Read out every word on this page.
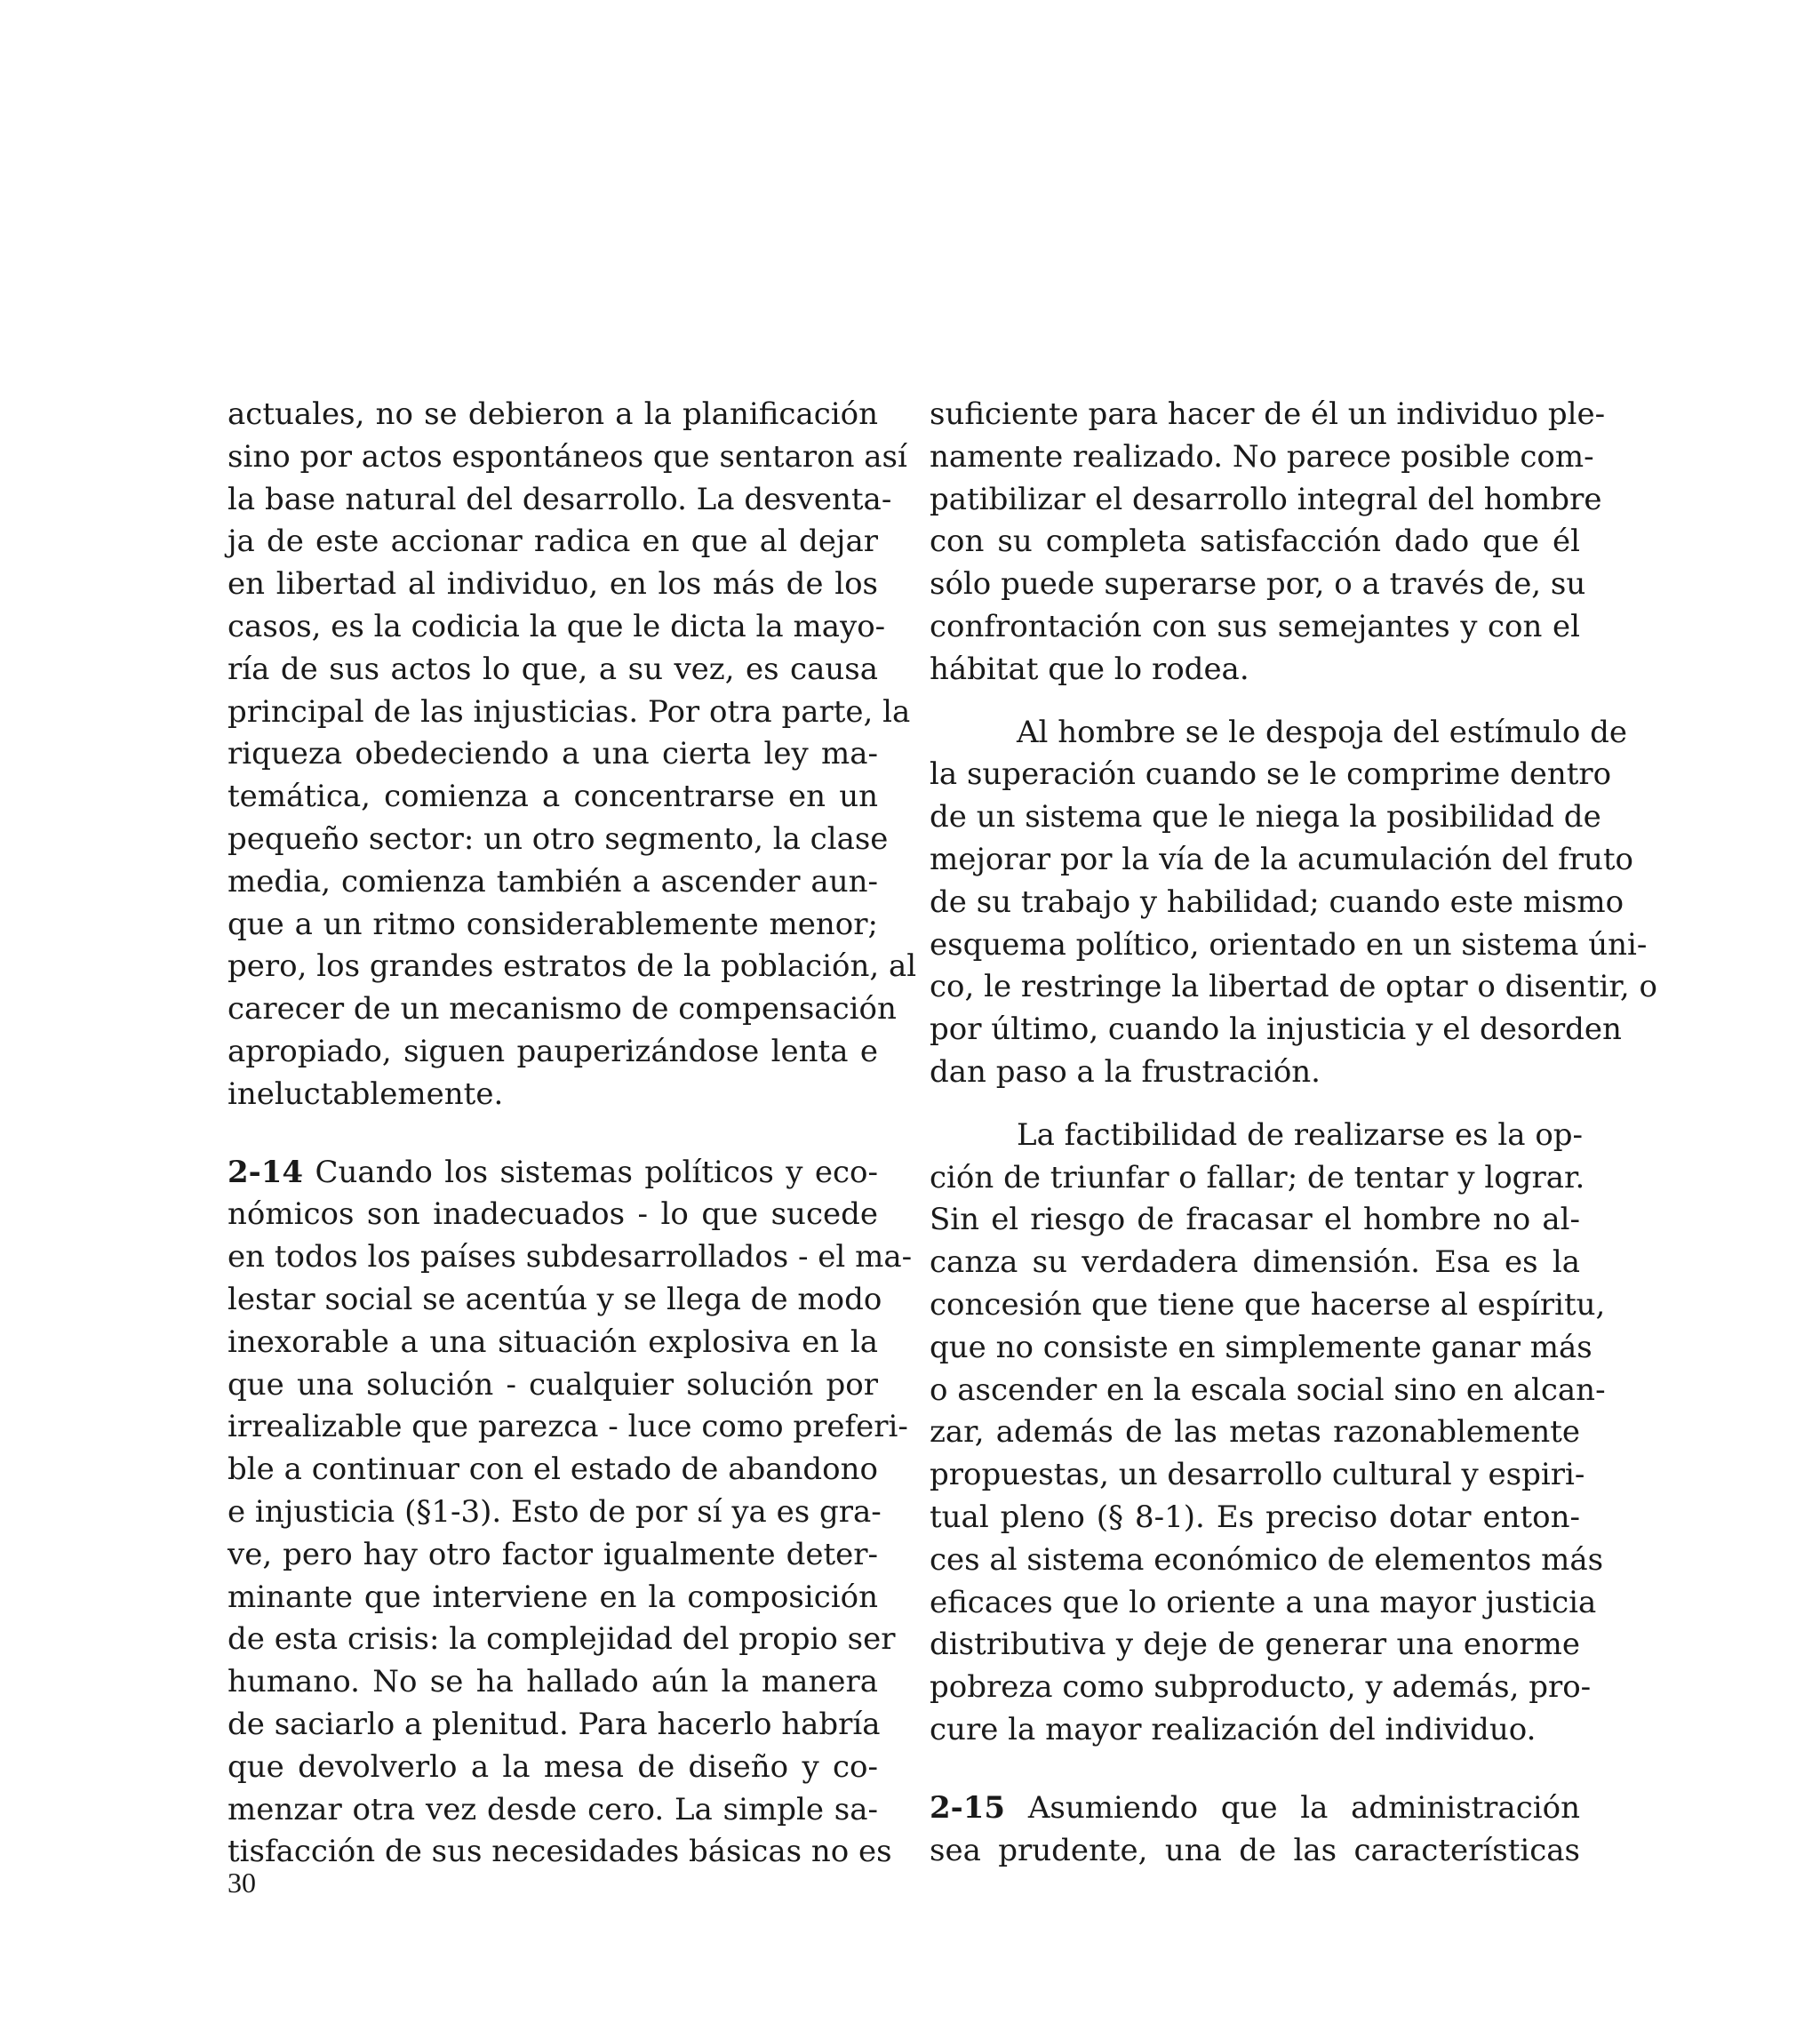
actuales, no se debieron a la planificación
sino por actos espontáneos que sentaron así
la base natural del desarrollo. La desventa-
ja de este accionar radica en que al dejar
en libertad al individuo, en los más de los
casos, es la codicia la que le dicta la mayo-
ría de sus actos lo que, a su vez, es causa
principal de las injusticias. Por otra parte, la
riqueza obedeciendo a una cierta ley ma-
temática, comienza a concentrarse en un
pequeño sector: un otro segmento, la clase
media, comienza también a ascender aun-
que a un ritmo considerablemente menor;
pero, los grandes estratos de la población, al
carecer de un mecanismo de compensación
apropiado, siguen pauperizándose lenta e
ineluctablemente.
2-14 Cuando los sistemas políticos y eco-
nómicos son inadecuados - lo que sucede
en todos los países subdesarrollados - el ma-
lestar social se acentúa y se llega de modo
inexorable a una situación explosiva en la
que una solución - cualquier solución por
irrealizable que parezca - luce como preferi-
ble a continuar con el estado de abandono
e injusticia (§1-3). Esto de por sí ya es gra-
ve, pero hay otro factor igualmente deter-
minante que interviene en la composición
de esta crisis: la complejidad del propio ser
humano. No se ha hallado aún la manera
de saciarlo a plenitud. Para hacerlo habría
que devolverlo a la mesa de diseño y co-
menzar otra vez desde cero. La simple sa-
tisfacción de sus necesidades básicas no es
suficiente para hacer de él un individuo ple-
namente realizado. No parece posible com-
patibilizar el desarrollo integral del hombre
con su completa satisfacción dado que él
sólo puede superarse por, o a través de, su
confrontación con sus semejantes y con el
hábitat que lo rodea.
Al hombre se le despoja del estímulo de
la superación cuando se le comprime dentro
de un sistema que le niega la posibilidad de
mejorar por la vía de la acumulación del fruto
de su trabajo y habilidad; cuando este mismo
esquema político, orientado en un sistema úni-
co, le restringe la libertad de optar o disentir, o
por último, cuando la injusticia y el desorden
dan paso a la frustración.
La factibilidad de realizarse es la op-
ción de triunfar o fallar; de tentar y lograr.
Sin el riesgo de fracasar el hombre no al-
canza su verdadera dimensión. Esa es la
concesión que tiene que hacerse al espíritu,
que no consiste en simplemente ganar más
o ascender en la escala social sino en alcan-
zar, además de las metas razonablemente
propuestas, un desarrollo cultural y espiri-
tual pleno (§ 8-1). Es preciso dotar enton-
ces al sistema económico de elementos más
eficaces que lo oriente a una mayor justicia
distributiva y deje de generar una enorme
pobreza como subproducto, y además, pro-
cure la mayor realización del individuo.
2-15 Asumiendo que la administración
sea prudente, una de las características
30
